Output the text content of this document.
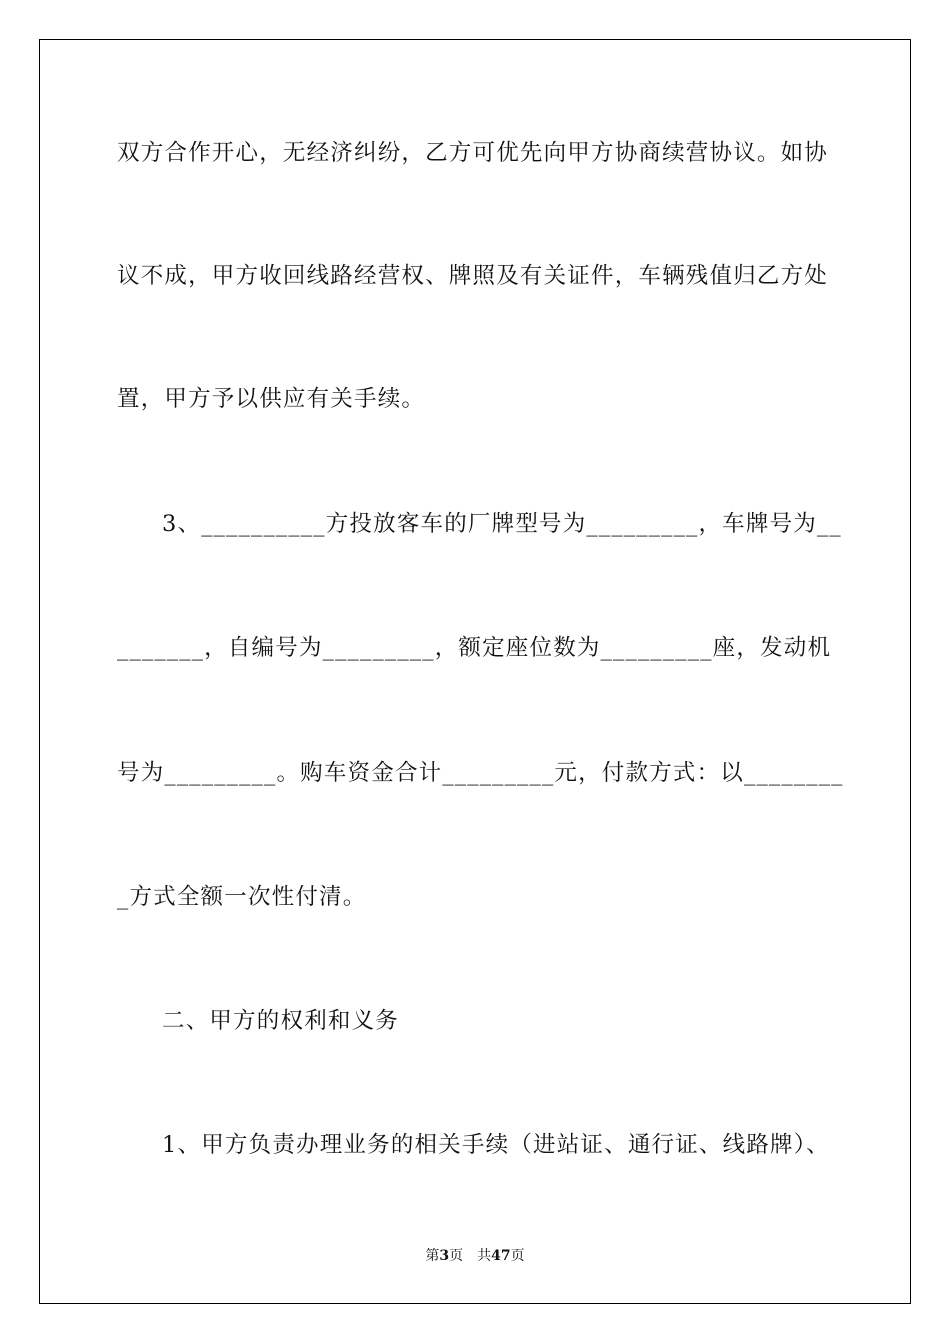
双方合作开心，无经济纠纷，乙方可优先向甲方协商续营协议。如协
议不成，甲方收回线路经营权、牌照及有关证件，车辆残值归乙方处
置，甲方予以供应有关手续。
3、__________方投放客车的厂牌型号为_________，车牌号为__
_______，自编号为_________，额定座位数为_________座，发动机
号为_________。购车资金合计_________元，付款方式：以________
_方式全额一次性付清。
二、甲方的权利和义务
1、甲方负责办理业务的相关手续（进站证、通行证、线路牌）、
第3页 共47页
